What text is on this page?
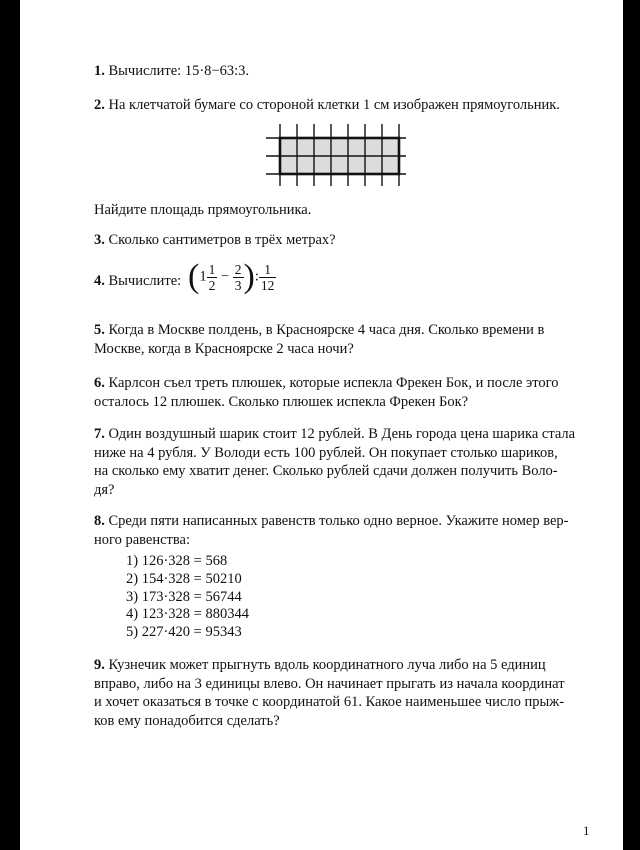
1. Вычислите: 15·8−63:3.
2. На клетчатой бумаге со стороной клетки 1 см изображен прямоугольник.
Найдите площадь прямоугольника.
3. Сколько сантиметров в трёх метрах?
4. Вычислите: ($1 \frac{1}{2} - \frac{2}{3}$ ): $\frac{1}{12}$
5. Когда в Москве полдень, в Красноярске 4 часа дня. Сколько времени в
Москве, когда в Красноярске 2 часа ночи?
6. Карлсон съел треть плюшек, которые испекла Фрекен Бок, и после этого
осталось 12 плюшек. Сколько плюшек испекла Фрекен Бок?
7. Один воздушный шарик стоит 12 рублей. В День города цена шарика стала
ниже на 4 рубля. У Володи есть 100 рублей. Он покупает столько шариков,
на сколько ему хватит денег. Сколько рублей сдачи должен получить Воло-
дя?
8. Среди пяти написанных равенств только одно верное. Укажите номер вер-
ного равенства:
1) 126·328 = 568
2) 154·328 = 50210
3) 173·328 = 56744
4) 123·328 = 880344
5) 227·420 = 95343
9. Кузнечик может прыгнуть вдоль координатного луча либо на 5 единиц
вправо, либо на 3 единицы влево. Он начинает прыгать из начала координат
и хочет оказаться в точке с координатой 61. Какое наименьшее число прыж-
ков ему понадобится сделать?
1
